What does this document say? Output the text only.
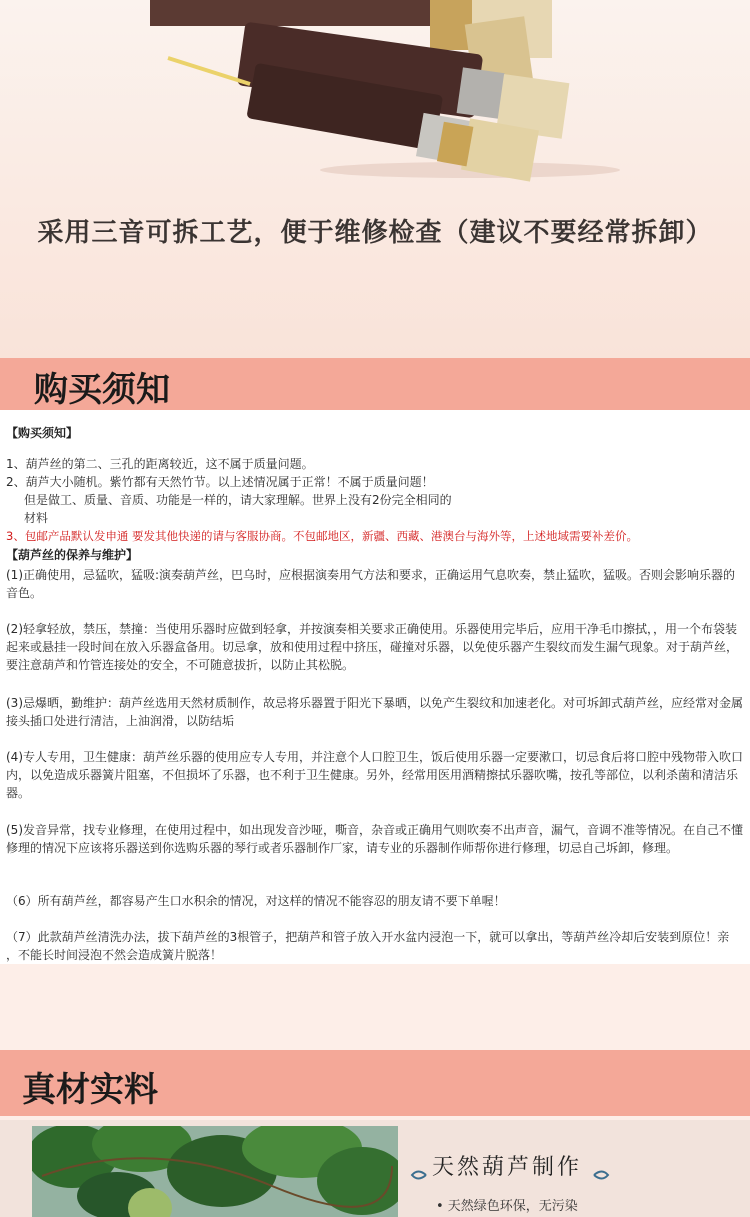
采用三音可拆工艺，便于维修检查（建议不要经常拆卸）
购买须知

【购买须知】

1、葫芦丝的第二、三孔的距离较近，这不属于质量问题。

2、葫芦大小随机。紫竹都有天然竹节。以上述情况属于正常！不属于质量问题！

但是做工、质量、音质、功能是一样的，请大家理解。世界上没有2份完全相同的

材料

3、包邮产品默认发申通 要发其他快递的请与客服协商。不包邮地区，新疆、西藏、港澳台与海外等，上述地域需要补差价。

【葫芦丝的保养与维护】

(1)正确使用，忌猛吹，猛吸:演奏葫芦丝，巴乌时，应根据演奏用气方法和要求，正确运用气息吹奏，禁止猛吹，猛吸。否则会影响乐器的音色。

(2)轻拿轻放，禁压，禁撞：当使用乐器时应做到轻拿，并按演奏相关要求正确使用。乐器使用完毕后，应用干净毛巾擦拭，，用一个布袋装起来或悬挂一段时间在放入乐器盒备用。切忌拿，放和使用过程中挤压，碰撞对乐器，以免使乐器产生裂纹而发生漏气现象。对于葫芦丝，要注意葫芦和竹管连接处的安全，不可随意拔折，以防止其松脱。

(3)忌爆晒，勤维护：葫芦丝选用天然材质制作，故忌将乐器置于阳光下暴晒，以免产生裂纹和加速老化。对可坼卸式葫芦丝，应经常对金属接头插口处进行清洁，上油润滑，以防结垢

(4)专人专用，卫生健康：葫芦丝乐器的使用应专人专用，并注意个人口腔卫生，饭后使用乐器一定要漱口，切忌食后将口腔中残物带入吹口内，以免造成乐器簧片阻塞，不但损坏了乐器，也不利于卫生健康。另外，经常用医用酒精擦拭乐器吹嘴，按孔等部位，以利杀菌和清洁乐器。

(5)发音异常，找专业修理，在使用过程中，如出现发音沙哑，嘶音，杂音或正确用气则吹奏不出声音，漏气，音调不准等情况。在自己不懂修理的情况下应该将乐器送到你选购乐器的琴行或者乐器制作厂家，请专业的乐器制作师帮你进行修理，切忌自己坼卸，修理。

（6）所有葫芦丝，都容易产生口水积余的情况，对这样的情况不能容忍的朋友请不要下单喔！

（7）此款葫芦丝清洗办法，拔下葫芦丝的3根管子，把葫芦和管子放入开水盆内浸泡一下，就可以拿出，等葫芦丝冷却后安装到原位！亲 ，不能长时间浸泡不然会造成簧片脱落！

真材实料
天然葫芦制作
• 天然绿色环保，无污染
